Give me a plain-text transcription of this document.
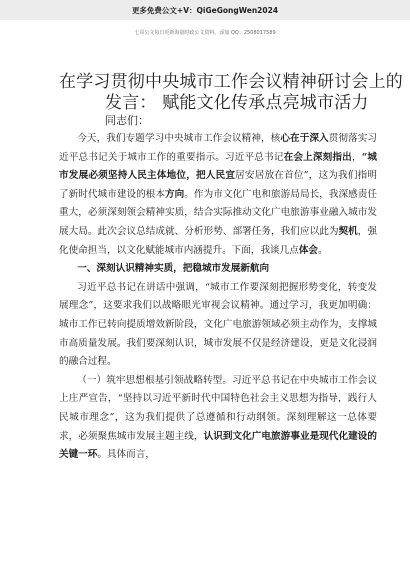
更多免费公文+V：QiGeGongWen2024
七哥公文每日更新海量时政公文资料，添加 QQ：2508017589
在学习贯彻中央城市工作会议精神研讨会上的
发言： 赋能文化传承点亮城市活力
同志们：

今天，我们专题学习中央城市工作会议精神，核心在于深入贯彻落实习近平总书记关于城市工作的重要指示。习近平总书记在会上深刻指出，“城市发展必须坚持人民主体地位，把人民宜居安居放在首位”，这为我们指明了新时代城市建设的根本方向。作为市文化广电和旅游局局长，我深感责任重大，必须深刻领会精神实质，结合实际推动文化广电旅游事业融入城市发展大局。此次会议总结成就、分析形势、部署任务，我们应以此为契机，强化使命担当，以文化赋能城市内涵提升。下面，我谈几点体会。

一、深刻认识精神实质，把稳城市发展新航向

习近平总书记在讲话中强调，“城市工作要深刻把握形势变化，转变发展理念”，这要求我们以战略眼光审视会议精神。通过学习，我更加明确：城市工作已转向提质增效新阶段，文化广电旅游领域必须主动作为，支撑城市高质量发展。我们要深刻认识，城市发展不仅是经济建设，更是文化浸润的融合过程。

（一）筑牢思想根基引领战略转型。习近平总书记在中央城市工作会议上庄严宣告，“坚持以习近平新时代中国特色社会主义思想为指导，践行人民城市理念”，这为我们提供了总遵循和行动纲领。深刻理解这一总体要求，必须聚焦城市发展主题主线，认识到文化广电旅游事业是现代化建设的关键一环。具体而言，
